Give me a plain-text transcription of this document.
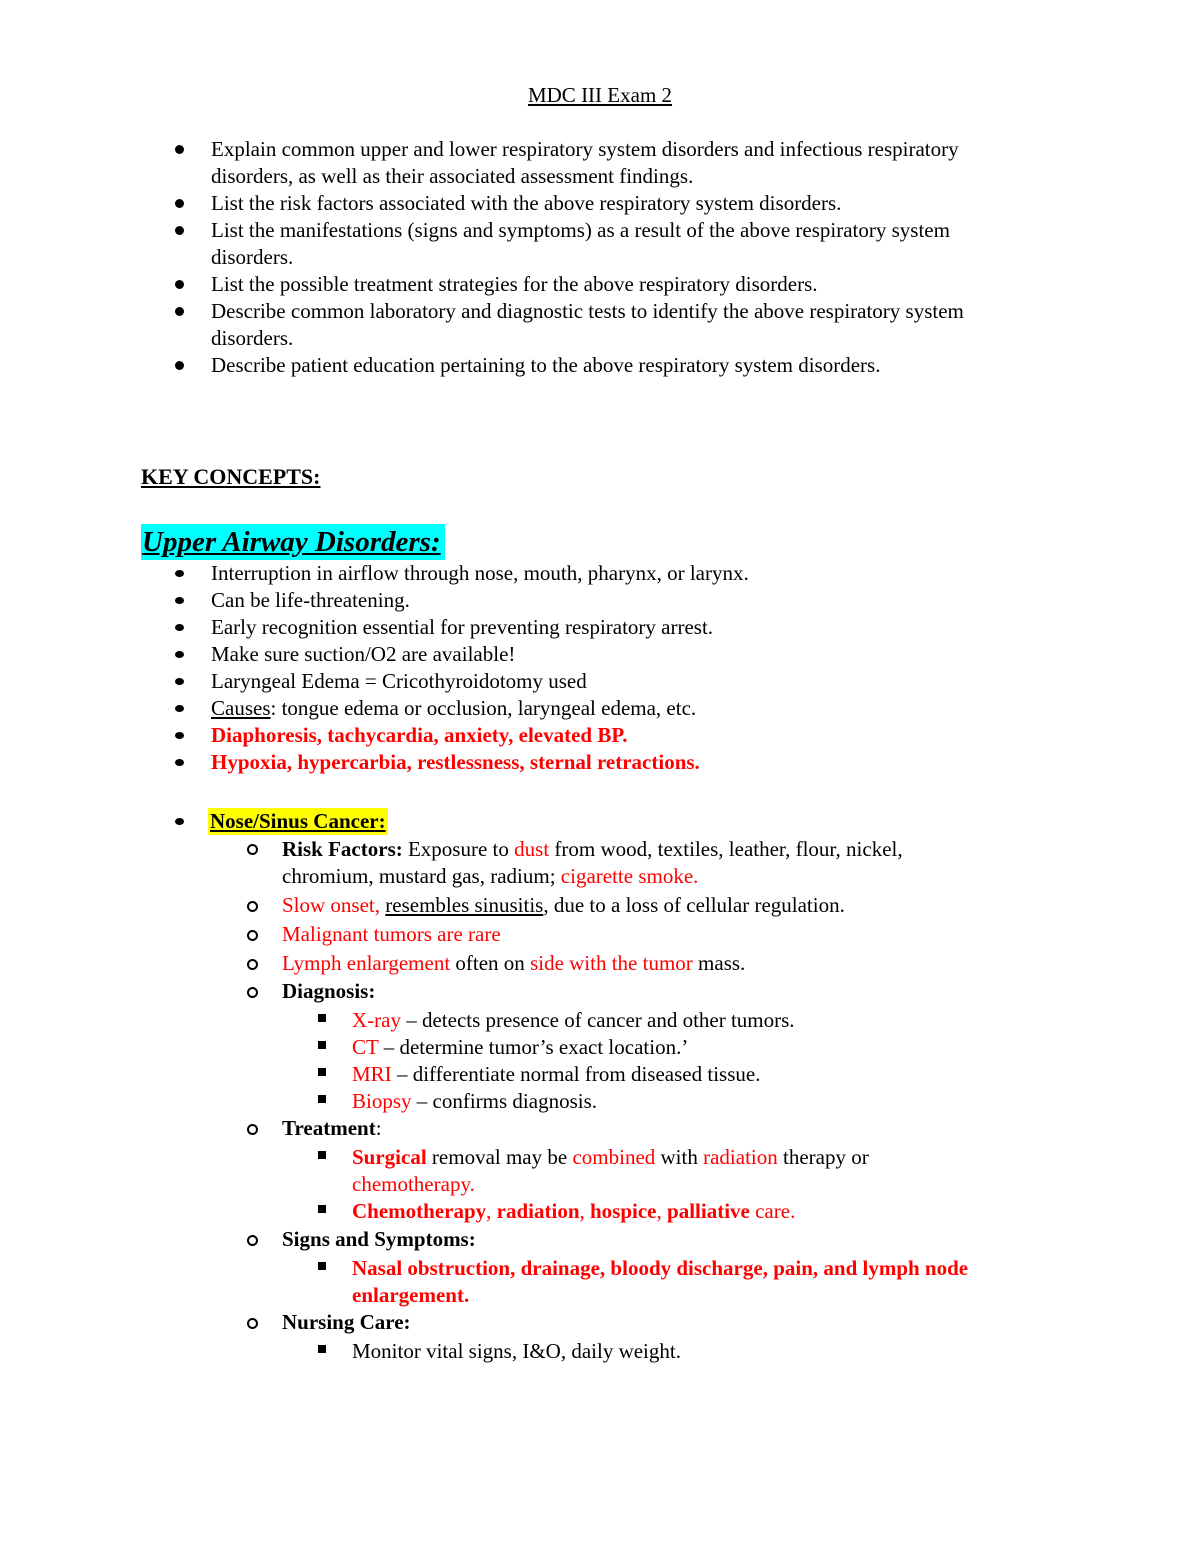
MDC III Exam 2
Explain common upper and lower respiratory system disorders and infectious respiratory
disorders, as well as their associated assessment findings.
List the risk factors associated with the above respiratory system disorders.
List the manifestations (signs and symptoms) as a result of the above respiratory system
disorders.
List the possible treatment strategies for the above respiratory disorders.
Describe common laboratory and diagnostic tests to identify the above respiratory system
disorders.
Describe patient education pertaining to the above respiratory system disorders.
KEY CONCEPTS:
Upper Airway Disorders:
Interruption in airflow through nose, mouth, pharynx, or larynx.
Can be life-threatening.
Early recognition essential for preventing respiratory arrest.
Make sure suction/O2 are available!
Laryngeal Edema = Cricothyroidotomy used
Causes: tongue edema or occlusion, laryngeal edema, etc.
Diaphoresis, tachycardia, anxiety, elevated BP.
Hypoxia, hypercarbia, restlessness, sternal retractions.
Nose/Sinus Cancer:
Risk Factors: Exposure to dust from wood, textiles, leather, flour, nickel,
chromium, mustard gas, radium; cigarette smoke.
Slow onset, resembles sinusitis, due to a loss of cellular regulation.
Malignant tumors are rare
Lymph enlargement often on side with the tumor mass.
Diagnosis:
X-ray – detects presence of cancer and other tumors.
CT – determine tumor’s exact location.’
MRI – differentiate normal from diseased tissue.
Biopsy – confirms diagnosis.
Treatment:
Surgical removal may be combined with radiation therapy or
chemotherapy.
Chemotherapy, radiation, hospice, palliative care.
Signs and Symptoms:
Nasal obstruction, drainage, bloody discharge, pain, and lymph node
enlargement.
Nursing Care:
Monitor vital signs, I&O, daily weight.
